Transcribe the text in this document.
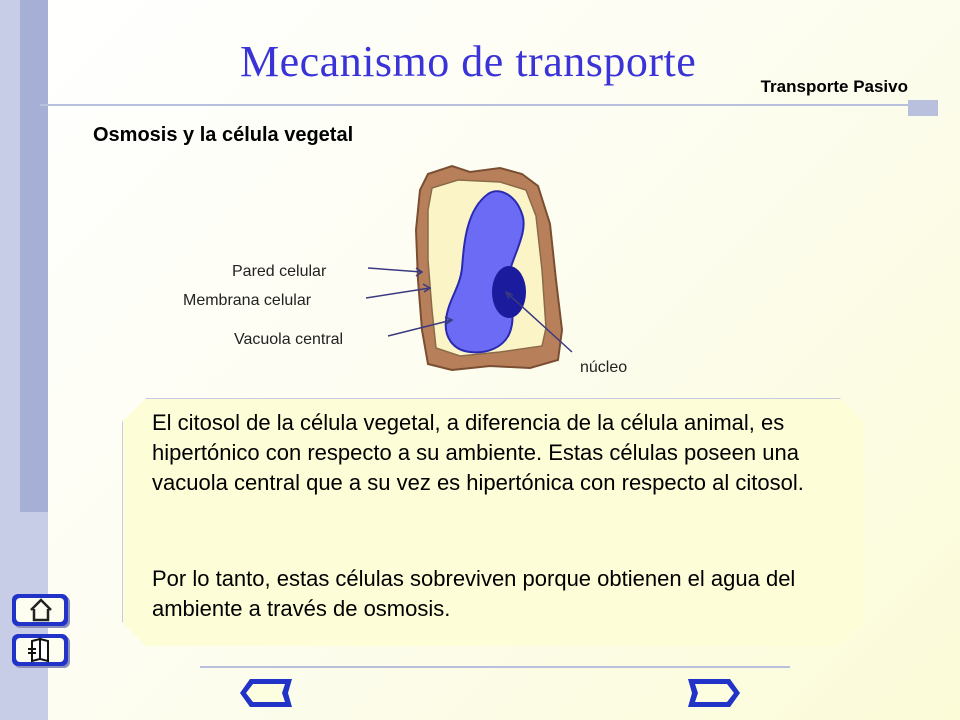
Mecanismo de transporte
Transporte Pasivo
Osmosis y la célula vegetal
Pared celular
Membrana celular
Vacuola central
núcleo
El citosol de la célula vegetal, a diferencia de la célula animal, es hipertónico con respecto a su ambiente. Estas células poseen una vacuola central que a su vez es hipertónica con respecto al citosol.
Por lo tanto, estas células sobreviven porque obtienen el agua del ambiente a través de osmosis.
